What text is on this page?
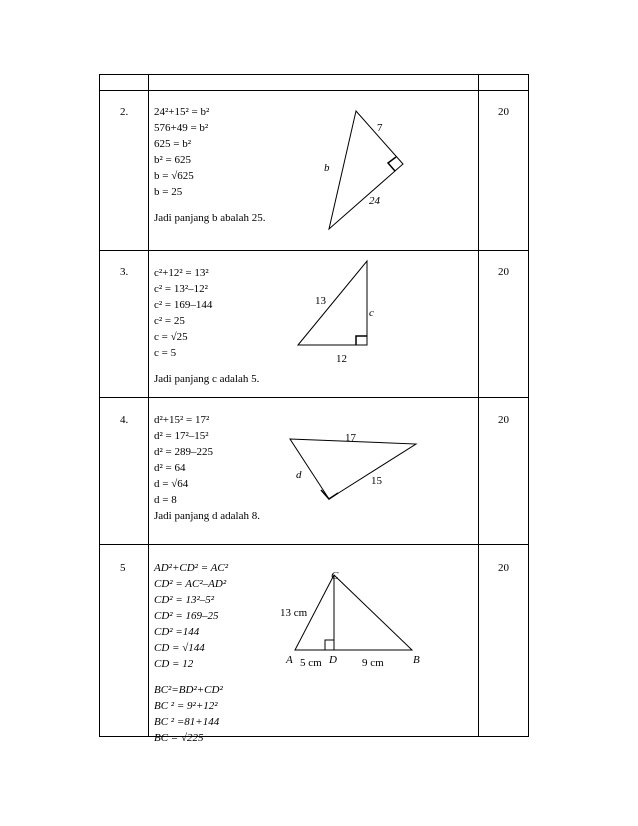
2.	20
24²+15² = b²
576+49 = b²
625 = b²
b² = 625
b = √625
b = 25
Jadi panjang b abalah 25.
7
24
b
3.	20
c²+12² = 13²
c² = 13²–12²
c² = 169–144
c² = 25
c = √25
c = 5
Jadi panjang c adalah 5.
13
c
12
4.	20
d²+15² = 17²
d² = 17²–15²
d² = 289–225
d² = 64
d = √64
d = 8
Jadi panjang d adalah 8.
17
d	15
5	20
AD²+CD² = AC²
CD² = AC²–AD²
CD² = 13²–5²
CD² = 169–25
CD² =144
CD = √144
CD = 12
BC²=BD²+CD²
BC ² = 9²+12²
BC ² =81+144
BC = √225
C
A	D	B
13 cm
5 cm	9 cm
